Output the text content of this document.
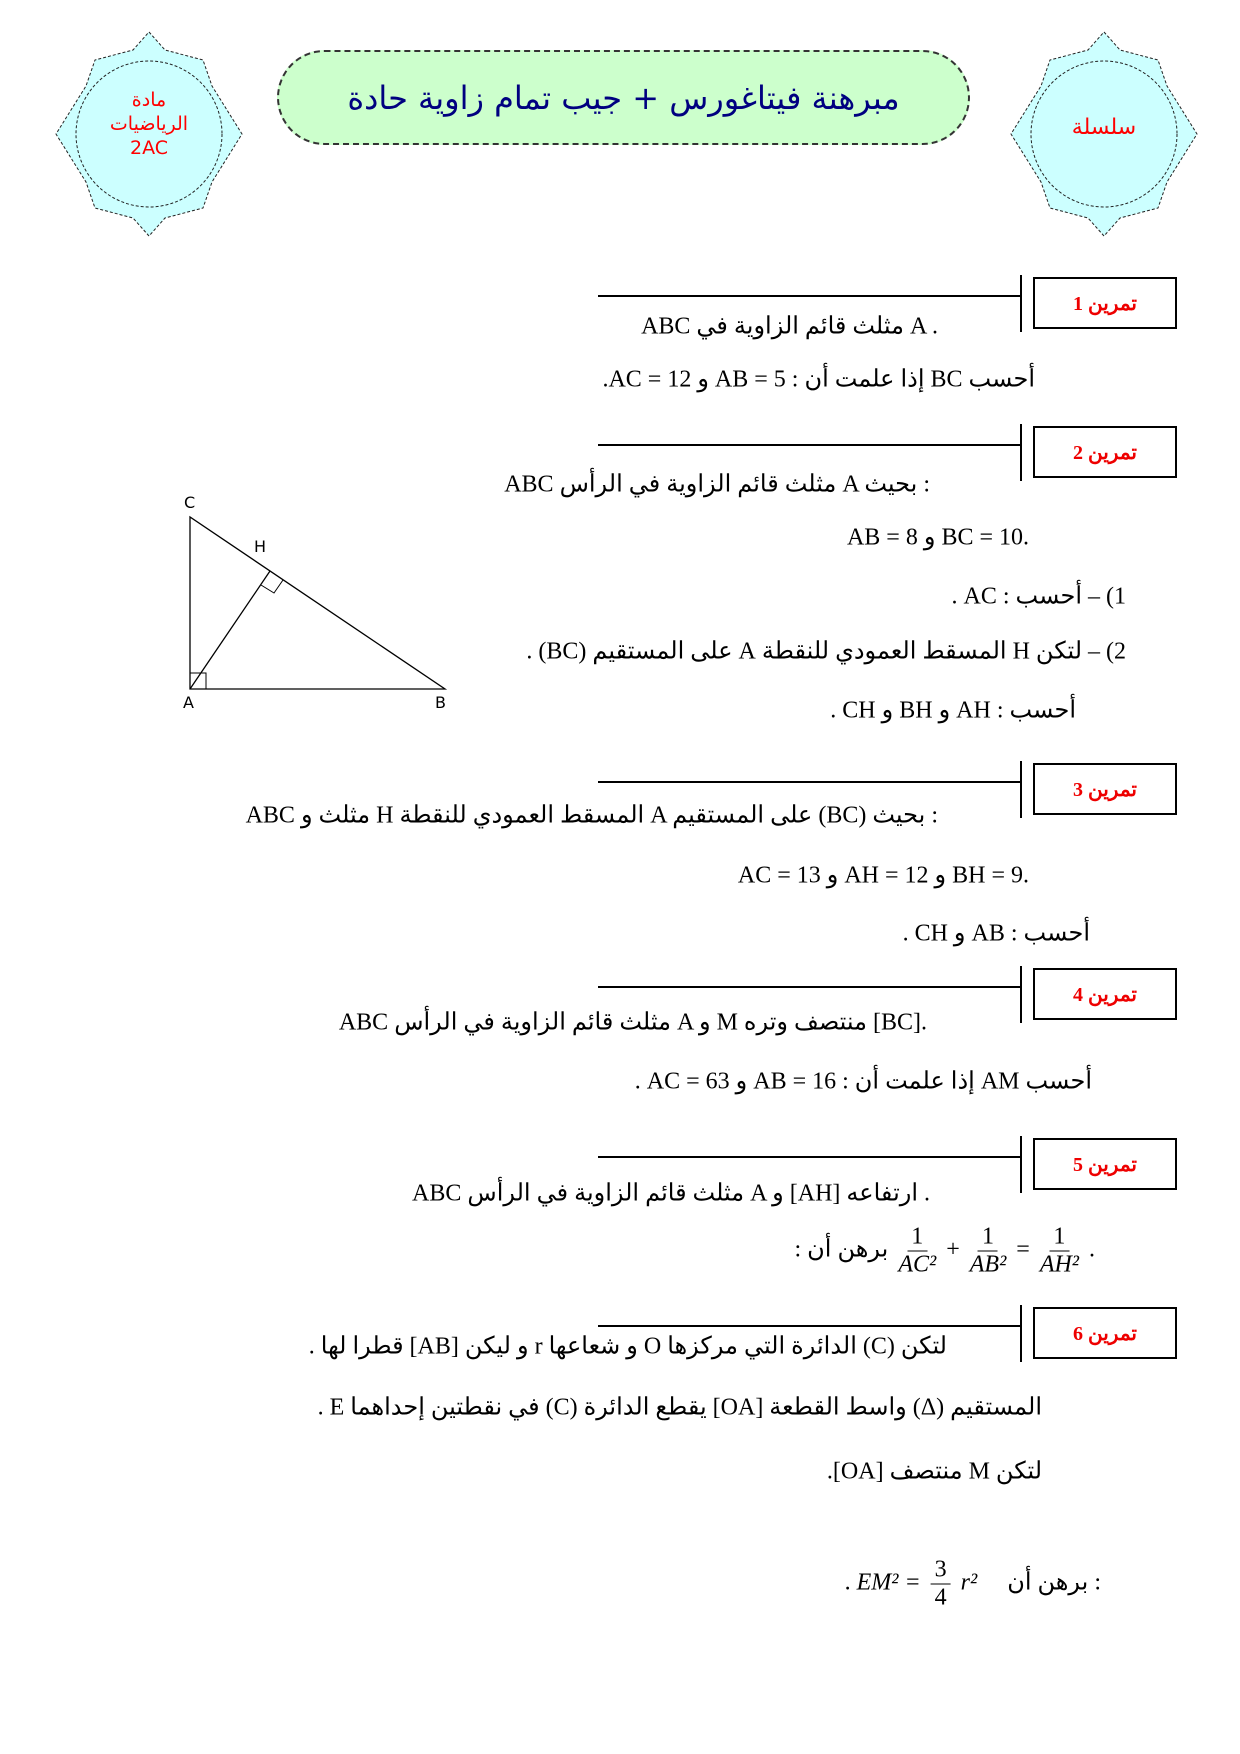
مادة
الرياضيات
2AC
سلسلة
مبرهنة فيتاغورس + جيب تمام زاوية حادة
تمرين 1
تمرين 2
تمرين 3
تمرين 4
تمرين 5
تمرين 6
ABC مثلث قائم الزاوية في A .
أحسب BC إذا علمت أن : AB = 5 و AC = 12.
ABC مثلث قائم الزاوية في الرأس A بحيث :
AB = 8 و BC = 10.
1) – أحسب : AC .
2) – لتكن H المسقط العمودي للنقطة A على المستقيم (BC) .
أحسب : AH و BH و CH .
ABC مثلث و H المسقط العمودي للنقطة A على المستقيم (BC) بحيث :
AC = 13 و AH = 12 و BH = 9.
أحسب : AB و CH .
ABC مثلث قائم الزاوية في الرأس A و M منتصف وتره [BC].
أحسب AM إذا علمت أن : AB = 16 و AC = 63 .
ABC مثلث قائم الزاوية في الرأس A و [AH] ارتفاعه .
.
$\frac{1}{\text{AH²}}$
=
$\frac{1}{\text{AB²}}$
+
$\frac{1}{\text{AC²}}$
برهن أن :
لتكن (C) الدائرة التي مركزها O و شعاعها r و ليكن [AB] قطرا لها .
المستقيم (Δ) واسط القطعة [OA] يقطع الدائرة (C) في نقطتين إحداهما E .
لتكن M منتصف [OA].
. $EM^2 = \frac{3}{4} r^2$ برهن أن :
C
H
A	B
